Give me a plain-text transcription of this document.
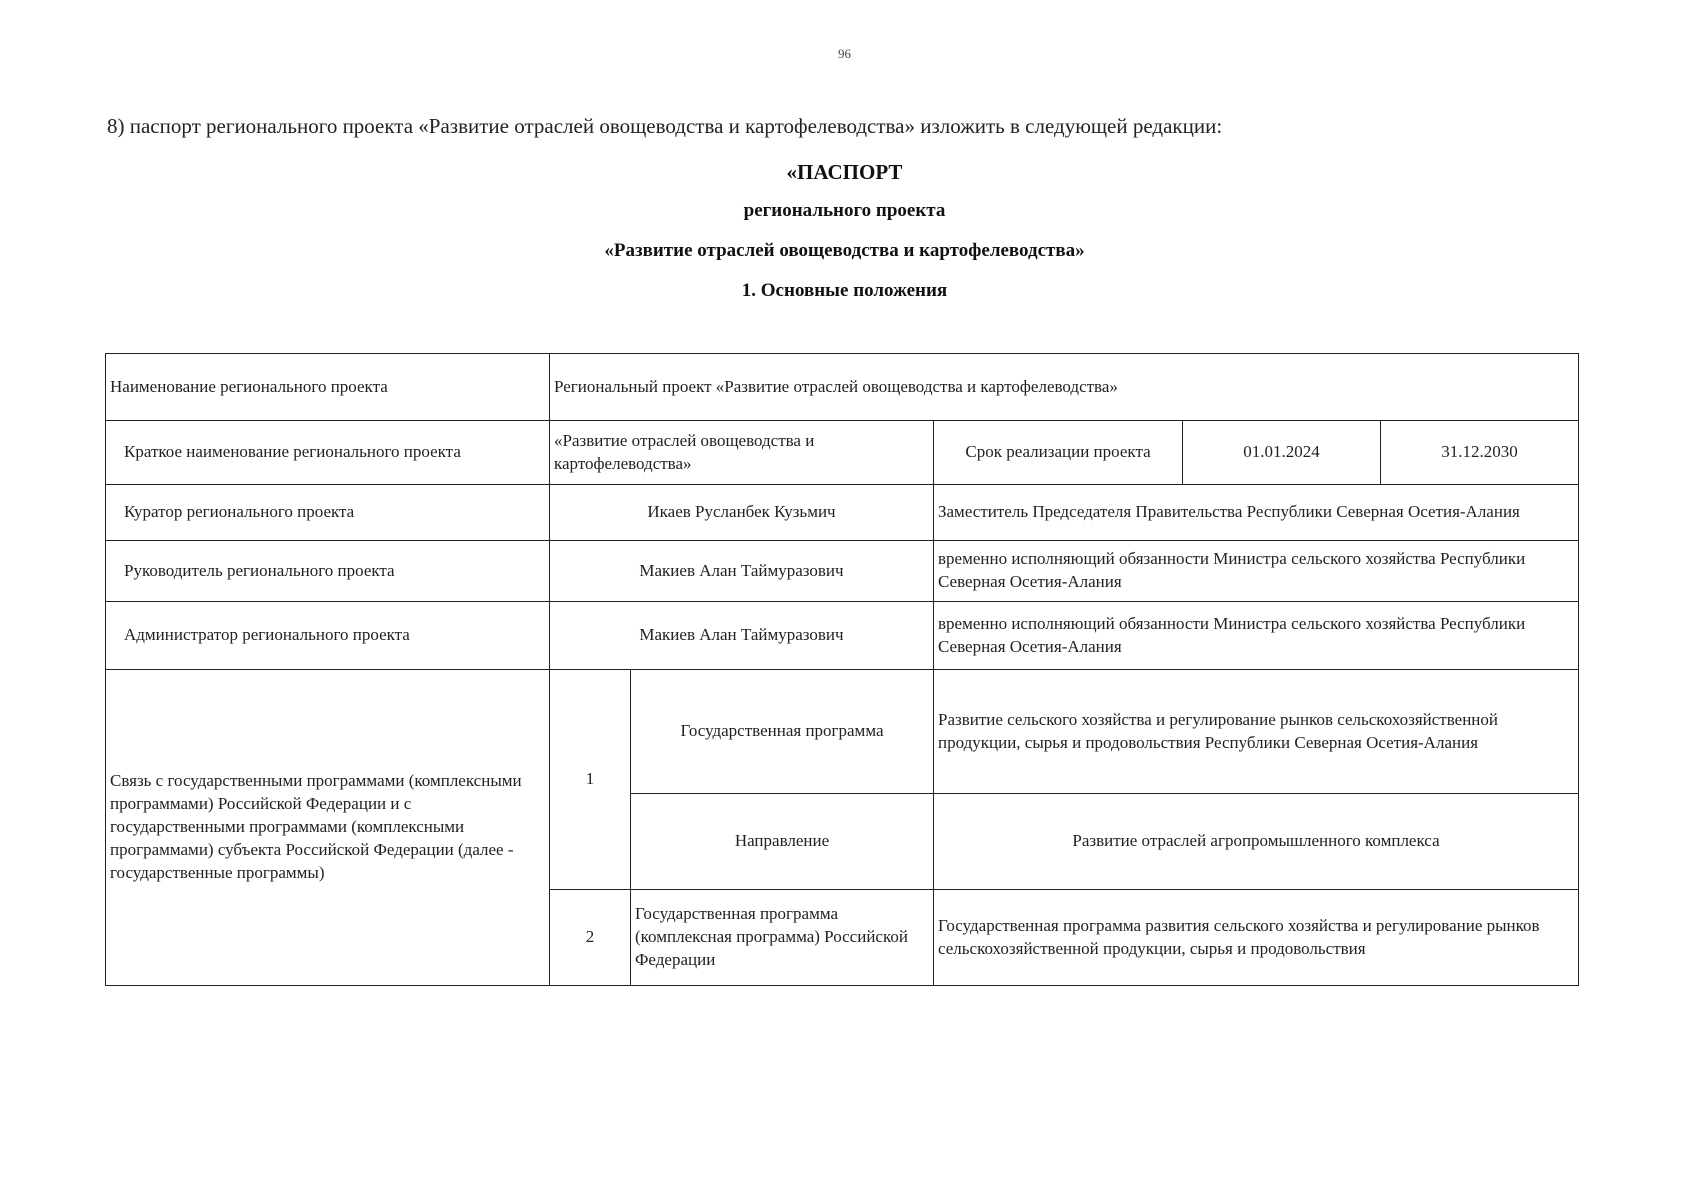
96
8) паспорт регионального проекта «Развитие отраслей овощеводства и картофелеводства» изложить в следующей редакции:
«ПАСПОРТ
регионального проекта
«Развитие отраслей овощеводства и картофелеводства»
1. Основные положения
Наименование регионального проекта	Региональный проект «Развитие отраслей овощеводства и картофелеводства»				
Краткое наименование регионального проекта	«Развитие отраслей овощеводства и картофелеводства»		Срок реализации проекта	01.01.2024	31.12.2030
Куратор регионального проекта	Икаев Русланбек Кузьмич		Заместитель Председателя Правительства Республики Северная Осетия-Алания		
Руководитель регионального проекта	Макиев Алан Таймуразович		временно исполняющий обязанности Министра сельского хозяйства Республики Северная Осетия-Алания		
Администратор регионального проекта	Макиев Алан Таймуразович		временно исполняющий обязанности Министра сельского хозяйства Республики Северная Осетия-Алания		
Связь с государственными программами (комплексными программами) Российской Федерации и с государственными программами (комплексными программами) субъекта Российской Федерации (далее - государственные программы)	1	Государственная программа	Развитие сельского хозяйства и регулирование рынков сельскохозяйственной продукции, сырья и продовольствия Республики Северная Осетия-Алания		
		Направление	Развитие отраслей агропромышленного комплекса		
	2	Государственная программа (комплексная программа) Российской Федерации	Государственная программа развития сельского хозяйства и регулирование рынков сельскохозяйственной продукции, сырья и продовольствия		
